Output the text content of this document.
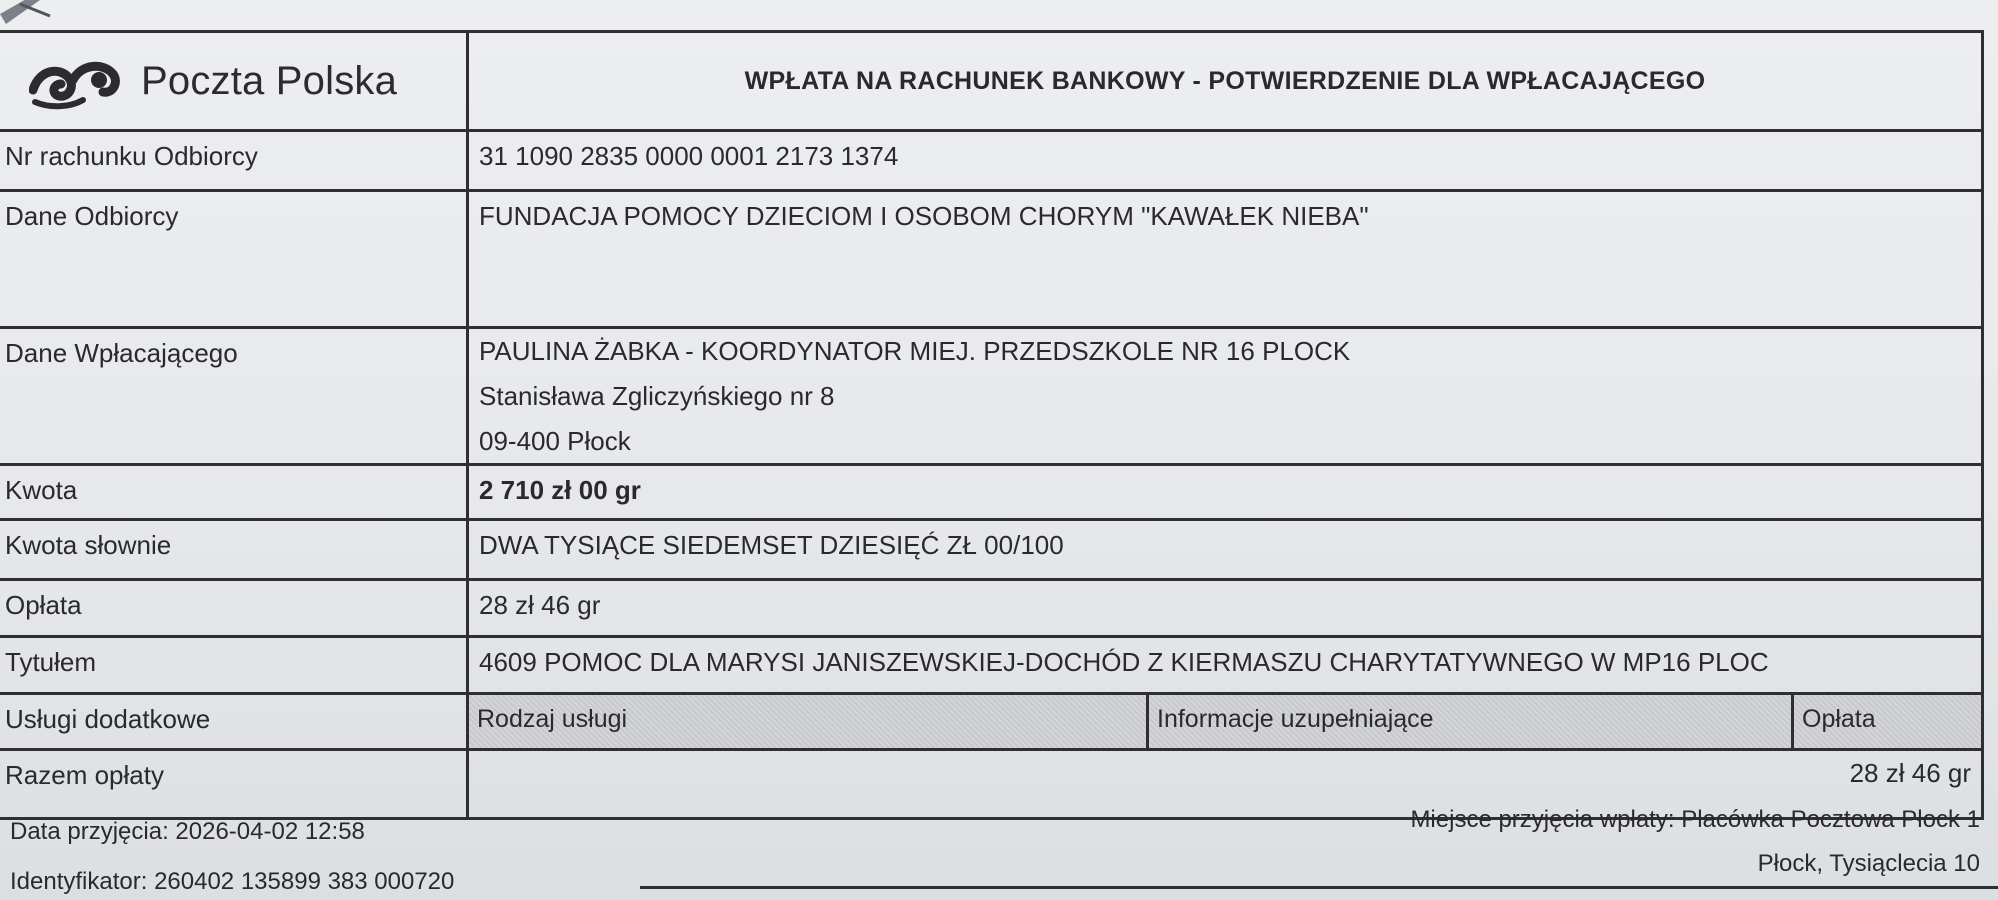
Poczta Polska	WPŁATA NA RACHUNEK BANKOWY - POTWIERDZENIE DLA WPŁACAJĄCEGO
Nr rachunku Odbiorcy	31 1090 2835 0000 0001 2173 1374
Dane Odbiorcy	FUNDACJA POMOCY DZIECIOM I OSOBOM CHORYM "KAWAŁEK NIEBA"
Dane Wpłacającego	PAULINA ŻABKA - KOORDYNATOR MIEJ. PRZEDSZKOLE NR 16 PLOCK
Stanisława Zgliczyńskiego nr 8
09-400 Płock
Kwota	2 710 zł 00 gr
Kwota słownie	DWA TYSIĄCE SIEDEMSET DZIESIĘĆ ZŁ 00/100
Opłata	28 zł 46 gr
Tytułem	4609 POMOC DLA MARYSI JANISZEWSKIEJ-DOCHÓD Z KIERMASZU CHARYTATYWNEGO W MP16 PLOC
Usługi dodatkowe	Rodzaj usługi	Informacje uzupełniające	Opłata
Razem opłaty	28 zł 46 gr
Data przyjęcia: 2026-04-02 12:58
Identyfikator: 260402 135899 383 000720
Miejsce przyjęcia wpłaty: Placówka Pocztowa Płock 1
Płock, Tysiąclecia 10
